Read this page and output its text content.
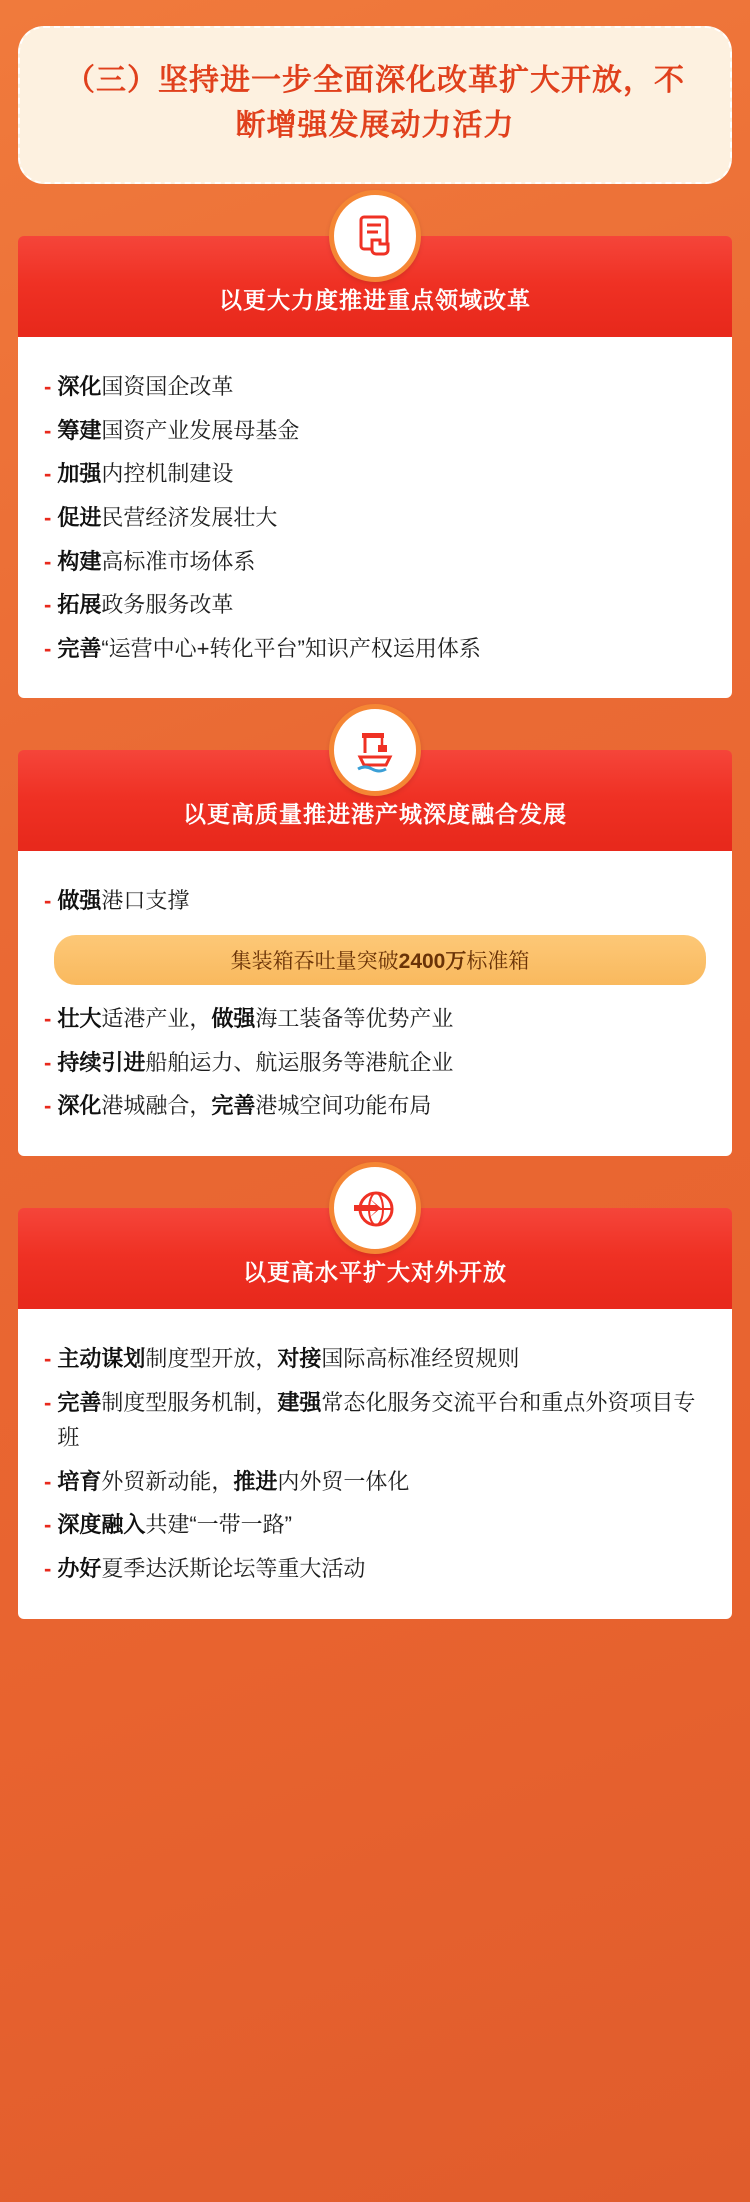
（三）坚持进一步全面深化改革扩大开放，不断增强发展动力活力
以更大力度推进重点领域改革
- 深化国资国企改革
- 筹建国资产业发展母基金
- 加强内控机制建设
- 促进民营经济发展壮大
- 构建高标准市场体系
- 拓展政务服务改革
- 完善“运营中心+转化平台”知识产权运用体系
以更高质量推进港产城深度融合发展
- 做强港口支撑
集装箱吞吐量突破2400万标准箱
- 壮大适港产业，做强海工装备等优势产业
- 持续引进船舶运力、航运服务等港航企业
- 深化港城融合，完善港城空间功能布局
以更高水平扩大对外开放
- 主动谋划制度型开放，对接国际高标准经贸规则
- 完善制度型服务机制，建强常态化服务交流平台和重点外资项目专班
- 培育外贸新动能，推进内外贸一体化
- 深度融入共建“一带一路”
- 办好夏季达沃斯论坛等重大活动
